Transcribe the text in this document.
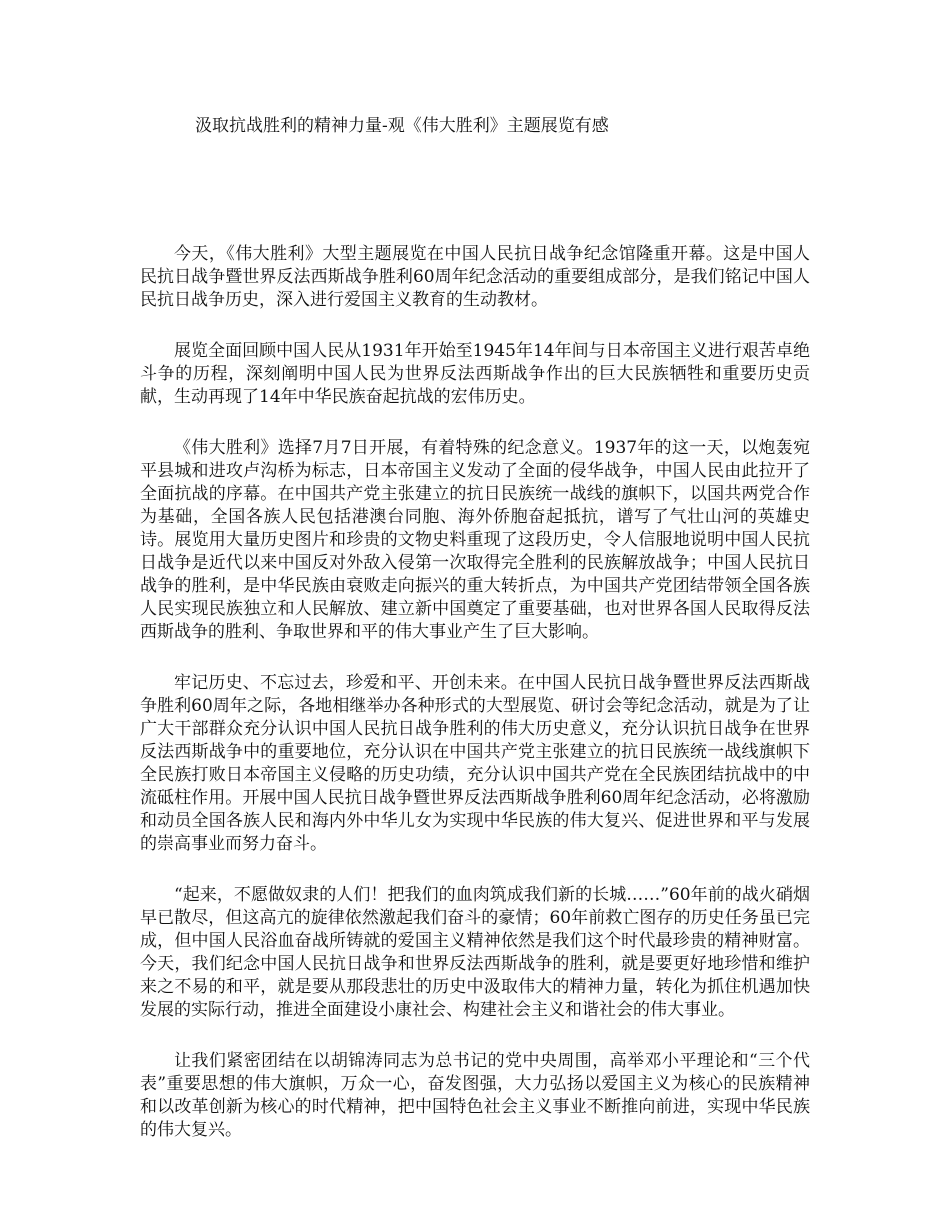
汲取抗战胜利的精神力量-观《伟大胜利》主题展览有感

今天，《伟大胜利》大型主题展览在中国人民抗日战争纪念馆隆重开幕。这是中国人民抗日战争暨世界反法西斯战争胜利60周年纪念活动的重要组成部分，是我们铭记中国人民抗日战争历史，深入进行爱国主义教育的生动教材。

展览全面回顾中国人民从1931年开始至1945年14年间与日本帝国主义进行艰苦卓绝斗争的历程，深刻阐明中国人民为世界反法西斯战争作出的巨大民族牺牲和重要历史贡献，生动再现了14年中华民族奋起抗战的宏伟历史。

《伟大胜利》选择7月7日开展，有着特殊的纪念意义。1937年的这一天，以炮轰宛平县城和进攻卢沟桥为标志，日本帝国主义发动了全面的侵华战争，中国人民由此拉开了全面抗战的序幕。在中国共产党主张建立的抗日民族统一战线的旗帜下，以国共两党合作为基础，全国各族人民包括港澳台同胞、海外侨胞奋起抵抗，谱写了气壮山河的英雄史诗。展览用大量历史图片和珍贵的文物史料重现了这段历史，令人信服地说明中国人民抗日战争是近代以来中国反对外敌入侵第一次取得完全胜利的民族解放战争；中国人民抗日战争的胜利，是中华民族由衰败走向振兴的重大转折点，为中国共产党团结带领全国各族人民实现民族独立和人民解放、建立新中国奠定了重要基础，也对世界各国人民取得反法西斯战争的胜利、争取世界和平的伟大事业产生了巨大影响。

牢记历史、不忘过去，珍爱和平、开创未来。在中国人民抗日战争暨世界反法西斯战争胜利60周年之际，各地相继举办各种形式的大型展览、研讨会等纪念活动，就是为了让广大干部群众充分认识中国人民抗日战争胜利的伟大历史意义，充分认识抗日战争在世界反法西斯战争中的重要地位，充分认识在中国共产党主张建立的抗日民族统一战线旗帜下全民族打败日本帝国主义侵略的历史功绩，充分认识中国共产党在全民族团结抗战中的中流砥柱作用。开展中国人民抗日战争暨世界反法西斯战争胜利60周年纪念活动，必将激励和动员全国各族人民和海内外中华儿女为实现中华民族的伟大复兴、促进世界和平与发展的崇高事业而努力奋斗。

“起来，不愿做奴隶的人们！把我们的血肉筑成我们新的长城……”60年前的战火硝烟早已散尽，但这高亢的旋律依然激起我们奋斗的豪情；60年前救亡图存的历史任务虽已完成，但中国人民浴血奋战所铸就的爱国主义精神依然是我们这个时代最珍贵的精神财富。今天，我们纪念中国人民抗日战争和世界反法西斯战争的胜利，就是要更好地珍惜和维护来之不易的和平，就是要从那段悲壮的历史中汲取伟大的精神力量，转化为抓住机遇加快发展的实际行动，推进全面建设小康社会、构建社会主义和谐社会的伟大事业。

让我们紧密团结在以胡锦涛同志为总书记的党中央周围，高举邓小平理论和“三个代表”重要思想的伟大旗帜，万众一心，奋发图强，大力弘扬以爱国主义为核心的民族精神和以改革创新为核心的时代精神，把中国特色社会主义事业不断推向前进，实现中华民族的伟大复兴。
